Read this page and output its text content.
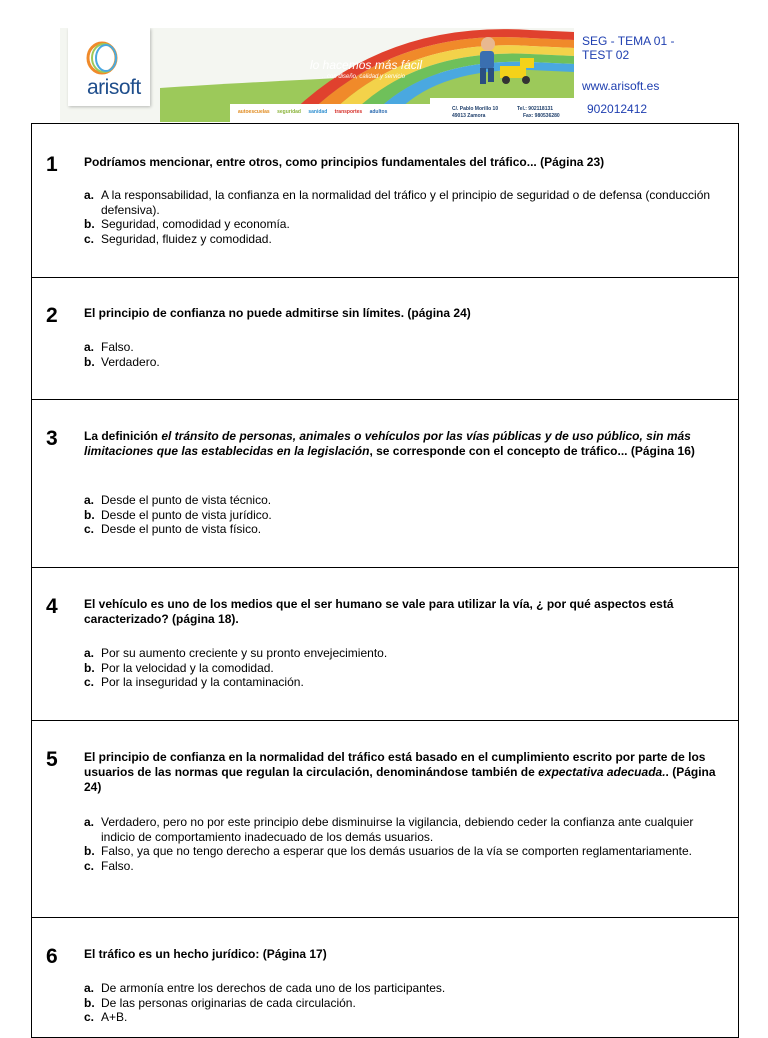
arisoft
lo hacemos más fácil
...con diseño, calidad y servicio
autoescuelas seguridad sanidad transportes adultos	C/. Pablo Morillo 10
49013 Zamora
Tel.: 902118131
Fax: 980536280
SEG - TEMA 01 -
TEST 02
www.arisoft.es
902012412
1 Podríamos mencionar, entre otros, como principios fundamentales del tráfico... (Página 23)
a. A la responsabilidad, la confianza en la normalidad del tráfico y el principio de seguridad o de defensa (conducción defensiva).
b. Seguridad, comodidad y economía.
c. Seguridad, fluidez y comodidad.
2 El principio de confianza no puede admitirse sin límites. (página 24)
a. Falso.
b. Verdadero.
3 La definición el tránsito de personas, animales o vehículos por las vías públicas y de uso público, sin más limitaciones que las establecidas en la legislación, se corresponde con el concepto de tráfico... (Página 16)
a. Desde el punto de vista técnico.
b. Desde el punto de vista jurídico.
c. Desde el punto de vista físico.
4 El vehículo es uno de los medios que el ser humano se vale para utilizar la vía, ¿ por qué aspectos está caracterizado? (página 18).
a. Por su aumento creciente y su pronto envejecimiento.
b. Por la velocidad y la comodidad.
c. Por la inseguridad y la contaminación.
5 El principio de confianza en la normalidad del tráfico está basado en el cumplimiento escrito por parte de los usuarios de las normas que regulan la circulación, denominándose también de expectativa adecuada.. (Página 24)
a. Verdadero, pero no por este principio debe disminuirse la vigilancia, debiendo ceder la confianza ante cualquier indicio de comportamiento inadecuado de los demás usuarios.
b. Falso, ya que no tengo derecho a esperar que los demás usuarios de la vía se comporten reglamentariamente.
c. Falso.
6 El tráfico es un hecho jurídico: (Página 17)
a. De armonía entre los derechos de cada uno de los participantes.
b. De las personas originarias de cada circulación.
c. A+B.
